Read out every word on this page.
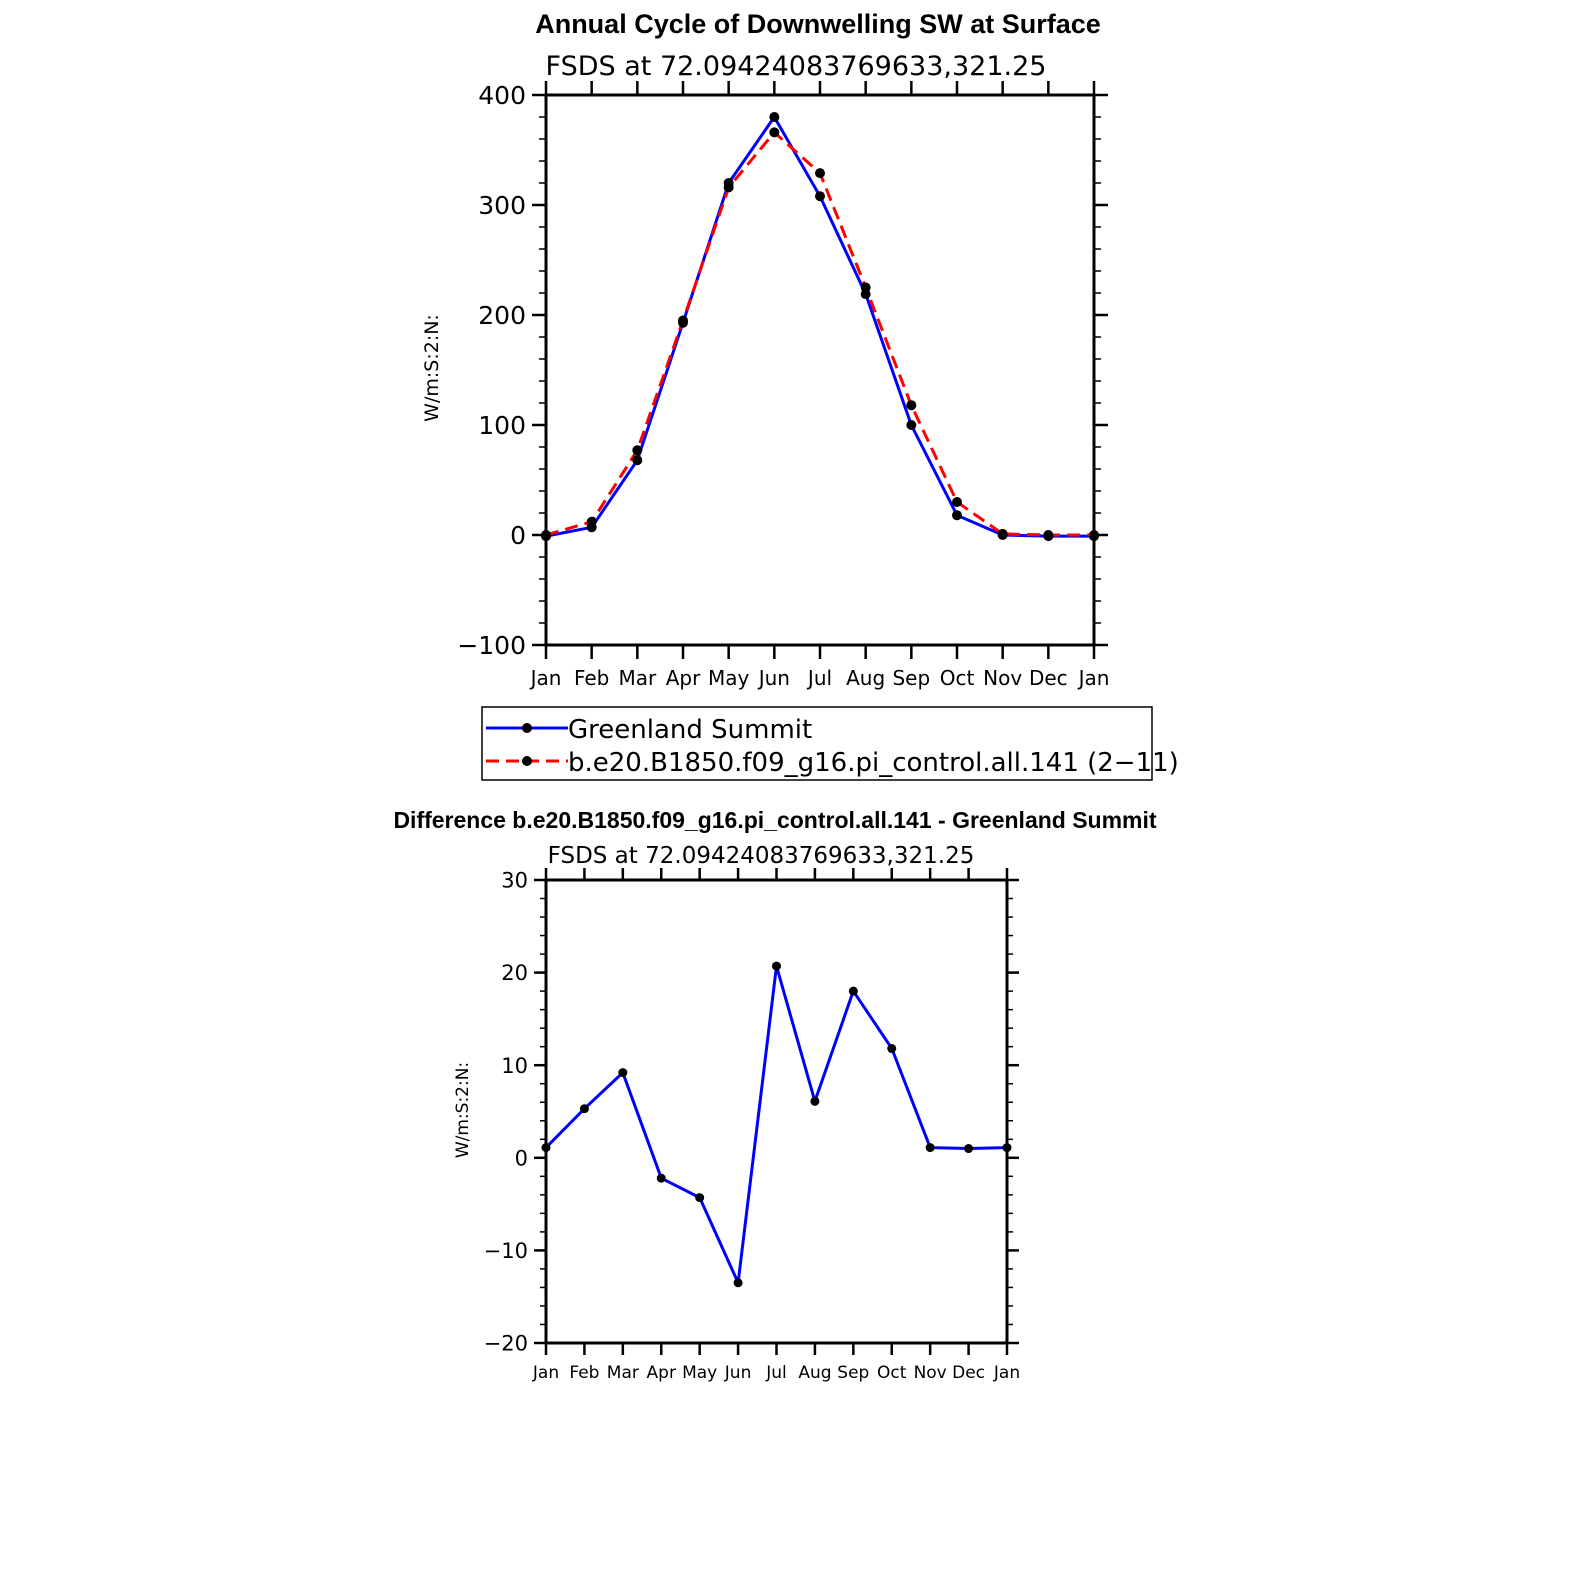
Annual Cycle of Downwelling SW at Surface
FSDS at 72.09424083769633,321.25
W/m:S:2:N:
−100
0
100
200
300
400
Jan Feb Mar Apr May Jun Jul Aug Sep Oct Nov Dec Jan
Greenland Summit
b.e20.B1850.f09_g16.pi_control.all.141 (2−11)
Difference b.e20.B1850.f09_g16.pi_control.all.141 - Greenland Summit
FSDS at 72.09424083769633,321.25
W/m:S:2:N:
−20
−10
0
10
20
30
Jan Feb Mar Apr May Jun Jul Aug Sep Oct Nov Dec Jan
